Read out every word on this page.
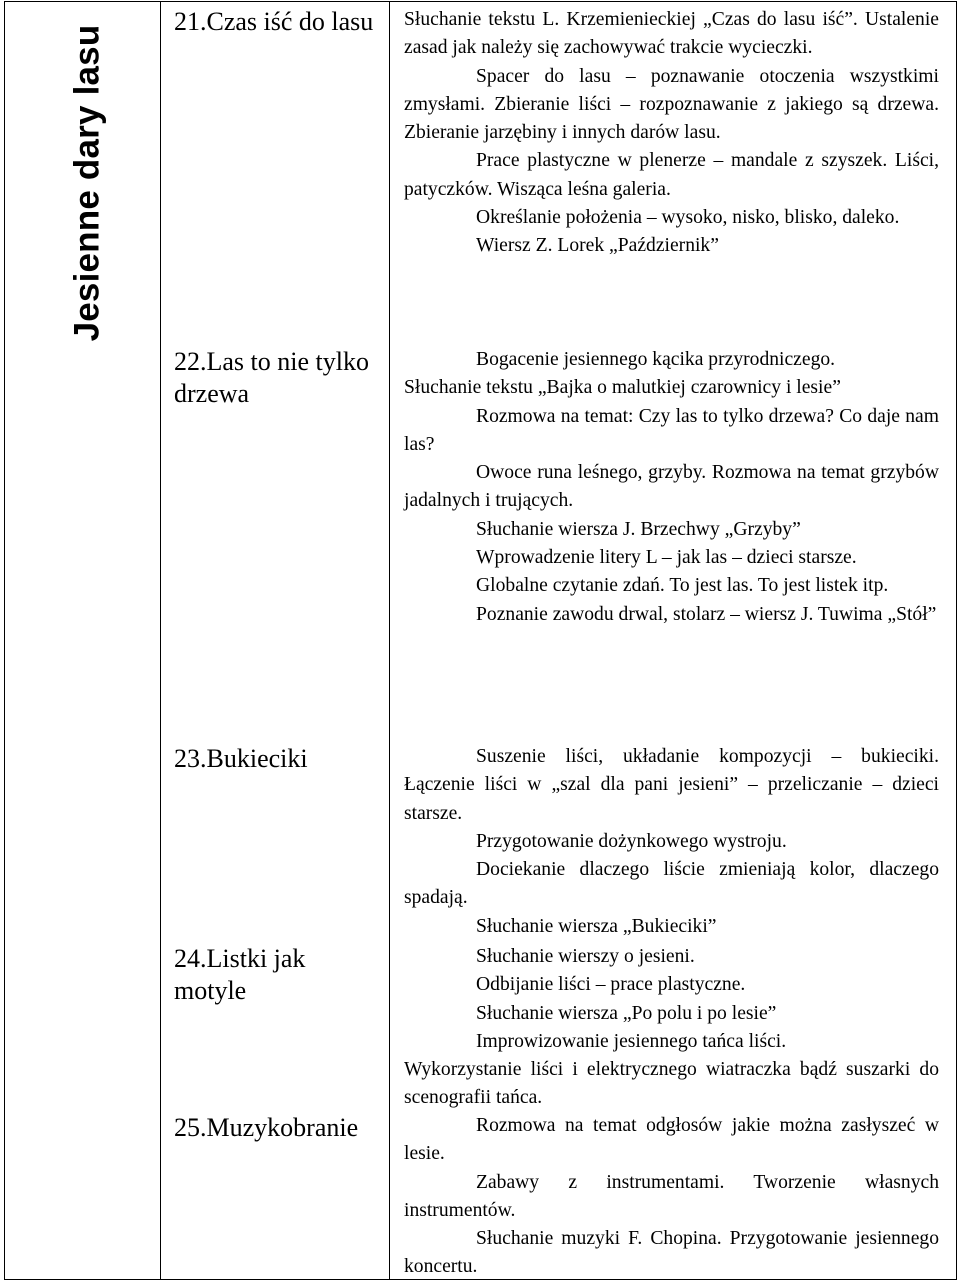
Jesienne dary lasu
21.Czas iść do lasu
22.Las to nie tylko drzewa
23.Bukieciki
24.Listki jak motyle
25.Muzykobranie

Słuchanie tekstu L. Krzemienieckiej „Czas do lasu iść”. Ustalenie zasad jak należy się zachowywać trakcie wycieczki.

Spacer do lasu – poznawanie otoczenia wszystkimi zmysłami. Zbieranie liści – rozpoznawanie z jakiego są drzewa. Zbieranie jarzębiny i innych darów lasu.

Prace plastyczne w plenerze – mandale z szyszek. Liści, patyczków. Wisząca leśna galeria.

Określanie położenia – wysoko, nisko, blisko, daleko.

Wiersz Z. Lorek „Październik”

Bogacenie jesiennego kącika przyrodniczego.

Słuchanie tekstu „Bajka o malutkiej czarownicy i lesie”

Rozmowa na temat: Czy las to tylko drzewa? Co daje nam las?

Owoce runa leśnego, grzyby. Rozmowa na temat grzybów jadalnych i trujących.

Słuchanie wiersza J. Brzechwy „Grzyby”

Wprowadzenie litery L – jak las – dzieci starsze.

Globalne czytanie zdań. To jest las. To jest listek itp.

Poznanie zawodu drwal, stolarz – wiersz J. Tuwima „Stół”

Suszenie liści, układanie kompozycji – bukieciki. Łączenie liści w „szal dla pani jesieni” – przeliczanie – dzieci starsze.

Przygotowanie dożynkowego wystroju.

Dociekanie dlaczego liście zmieniają kolor, dlaczego spadają.

Słuchanie wiersza „Bukieciki”

Słuchanie wierszy o jesieni.

Odbijanie liści – prace plastyczne.

Słuchanie wiersza „Po polu i po lesie”

Improwizowanie jesiennego tańca liści.

Wykorzystanie liści i elektrycznego wiatraczka bądź suszarki do scenografii tańca.

Rozmowa na temat odgłosów jakie można zasłyszeć w lesie.

Zabawy z instrumentami. Tworzenie własnych instrumentów.

Słuchanie muzyki F. Chopina. Przygotowanie jesiennego koncertu.
